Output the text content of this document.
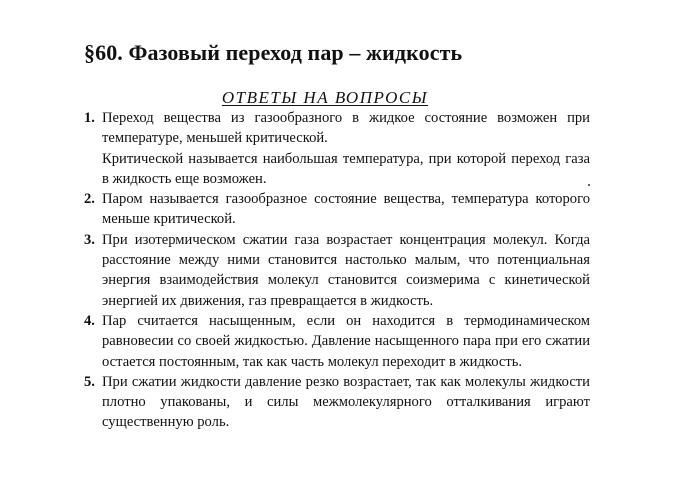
§60. Фазовый переход пар – жидкость
ОТВЕТЫ НА ВОПРОСЫ
1. Переход вещества из газообразного в жидкое состояние возможен при температуре, меньшей критической.
Критической называется наибольшая температура, при которой переход газа в жидкость еще возможен.
2. Паром называется газообразное состояние вещества, температура которого меньше критической.
3. При изотермическом сжатии газа возрастает концентрация молекул. Когда расстояние между ними становится настолько малым, что потенциальная энергия взаимодействия молекул становится соизмерима с кинетической энергией их движения, газ превращается в жидкость.
4. Пар считается насыщенным, если он находится в термодинамическом равновесии со своей жидкостью. Давление насыщенного пара при его сжатии остается постоянным, так как часть молекул переходит в жидкость.
5. При сжатии жидкости давление резко возрастает, так как молекулы жидкости плотно упакованы, и силы межмолекулярного отталкивания играют существенную роль.
